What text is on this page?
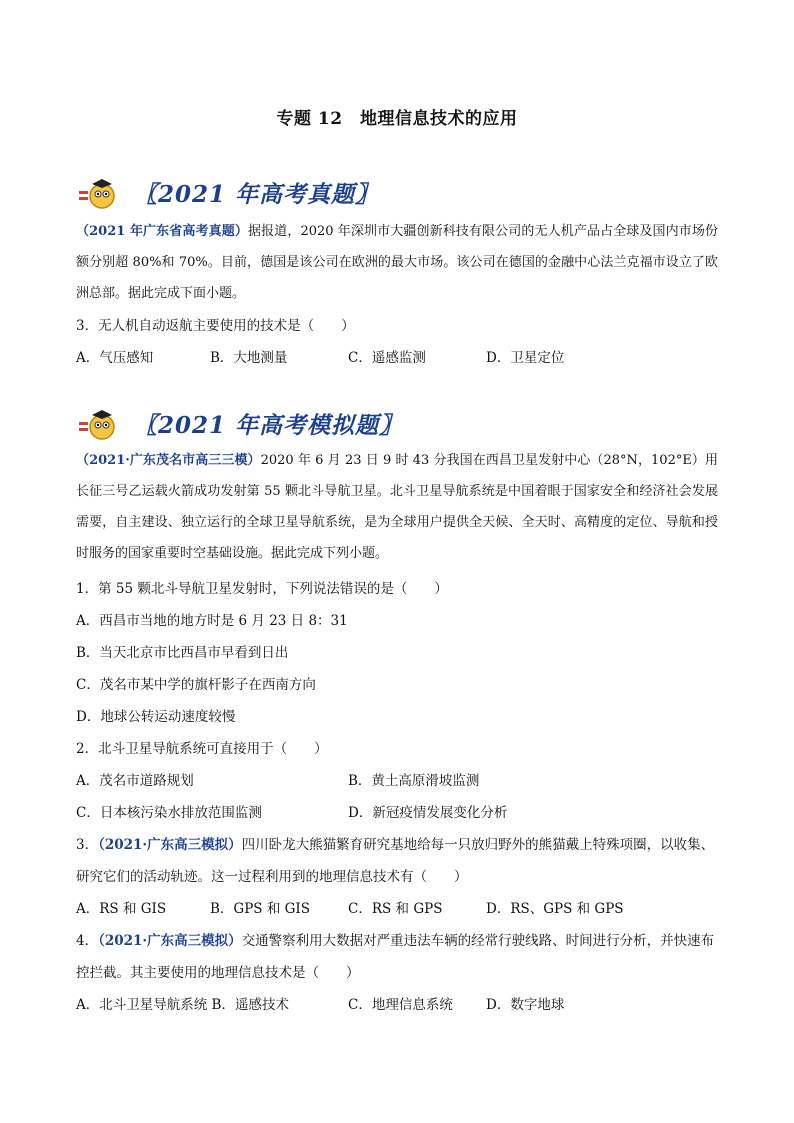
专题 12　地理信息技术的应用
〖2021 年高考真题〗
（2021 年广东省高考真题）据报道，2020 年深圳市大疆创新科技有限公司的无人机产品占全球及国内市场份额分别超 80%和 70%。目前，德国是该公司在欧洲的最大市场。该公司在德国的金融中心法兰克福市设立了欧洲总部。据此完成下面小题。
3．无人机自动返航主要使用的技术是（　　）
A．气压感知	B．大地测量	C．遥感监测	D．卫星定位
〖2021 年高考模拟题〗
（2021·广东茂名市高三三模）2020 年 6 月 23 日 9 时 43 分我国在西昌卫星发射中心（28°N，102°E）用长征三号乙运载火箭成功发射第 55 颗北斗导航卫星。北斗卫星导航系统是中国着眼于国家安全和经济社会发展需要，自主建设、独立运行的全球卫星导航系统，是为全球用户提供全天候、全天时、高精度的定位、导航和授时服务的国家重要时空基础设施。据此完成下列小题。
1．第 55 颗北斗导航卫星发射时，下列说法错误的是（　　）
A．西昌市当地的地方时是 6 月 23 日 8：31
B．当天北京市比西昌市早看到日出
C．茂名市某中学的旗杆影子在西南方向
D．地球公转运动速度较慢
2．北斗卫星导航系统可直接用于（　　）
A．茂名市道路规划	B．黄土高原滑坡监测
C．日本核污染水排放范围监测	D．新冠疫情发展变化分析
3．（2021·广东高三模拟）四川卧龙大熊猫繁育研究基地给每一只放归野外的熊猫戴上特殊项圈，以收集、
研究它们的活动轨迹。这一过程利用到的地理信息技术有（　　）
A．RS 和 GIS	B．GPS 和 GIS	C．RS 和 GPS	D．RS、GPS 和 GPS
4．（2021·广东高三模拟）交通警察利用大数据对严重违法车辆的经常行驶线路、时间进行分析，并快速布
控拦截。其主要使用的地理信息技术是（　　）
A．北斗卫星导航系统 B．遥感技术	C．地理信息系统 D．数字地球
